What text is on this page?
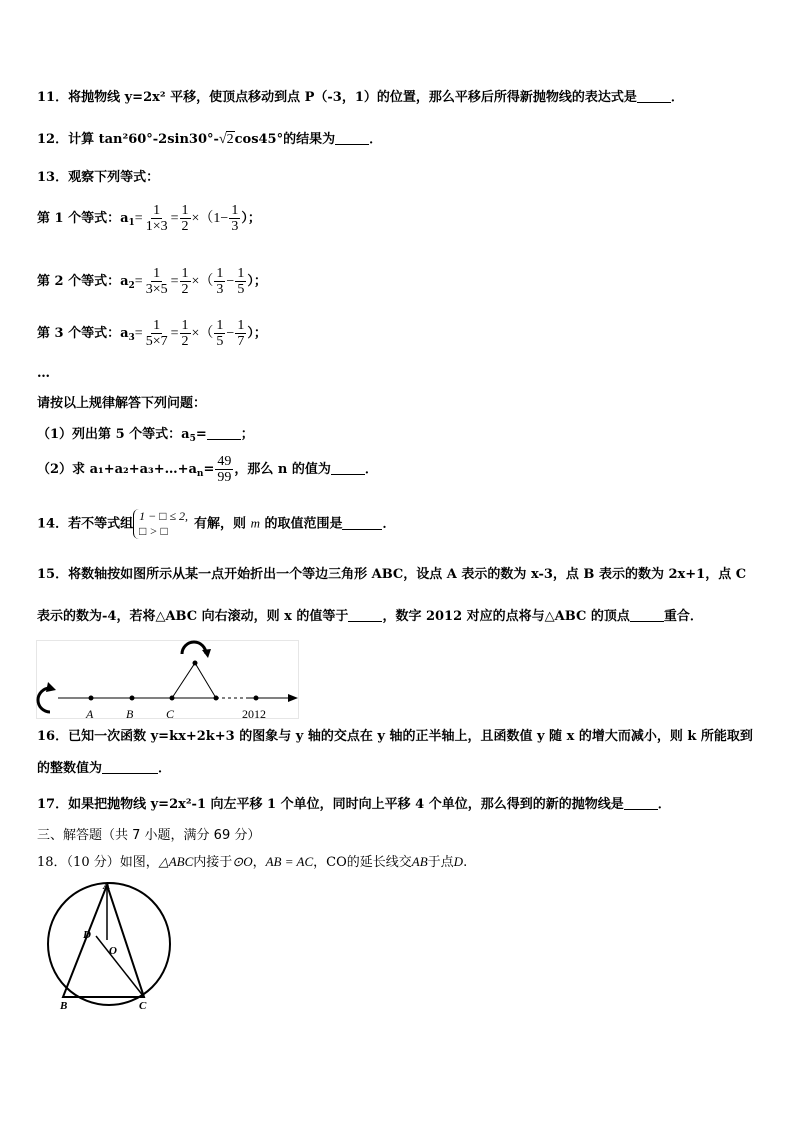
11．将抛物线 y=2x² 平移，使顶点移动到点 P（-3，1）的位置，那么平移后所得新抛物线的表达式是	．
12．计算 tan²60°-2sin30°-√2cos45°的结果为	．
13．观察下列等式：
第 1 个等式：$a_1= \frac{1}{1\times 3} = \frac{1}{2} \times(1- \frac{1}{3}$ ）；
第 2 个等式：$a_2= \frac{1}{3\times 5} = \frac{1}{2}$ ×（ $\frac{1}{3} - \frac{1}{5}$ ）；
第 3 个等式：$a_3= \frac{1}{5\times 7} = \frac{1}{2}$ ×（ $\frac{1}{5} - \frac{1}{7}$ ）；
…
请按以上规律解答下列问题：
（1）列出第 5 个等式：$a_5=$	；
（2）求 $a_1+a_2+a_3+\dots+a_n= \frac{49}{99}$ ，那么 n 的值为	．
14．若不等式组
1 − □ ≤ 2,
□ > □	有解，则 m 的取值范围是	．
15．将数轴按如图所示从某一点开始折出一个等边三角形 ABC，设点 A 表示的数为 x-3，点 B 表示的数为 2x+1，点 C
表示的数为-4，若将△ABC 向右滚动，则 x 的值等于	，数字 2012 对应的点将与△ABC 的顶点	重合．
A	B	C	2012
16．已知一次函数 y=kx+2k+3 的图象与 y 轴的交点在 y 轴的正半轴上，且函数值 y 随 x 的增大而减小，则 k 所能取到
的整数值为	．
17．如果把抛物线 y=2x²-1 向左平移 1 个单位，同时向上平移 4 个单位，那么得到的新的抛物线是	．
三、解答题（共 7 小题，满分 69 分）
18．（10 分）如图，△ABC内接于⊙O，AB = AC，CO的延长线交AB于点D.
A
B	C
D
O
